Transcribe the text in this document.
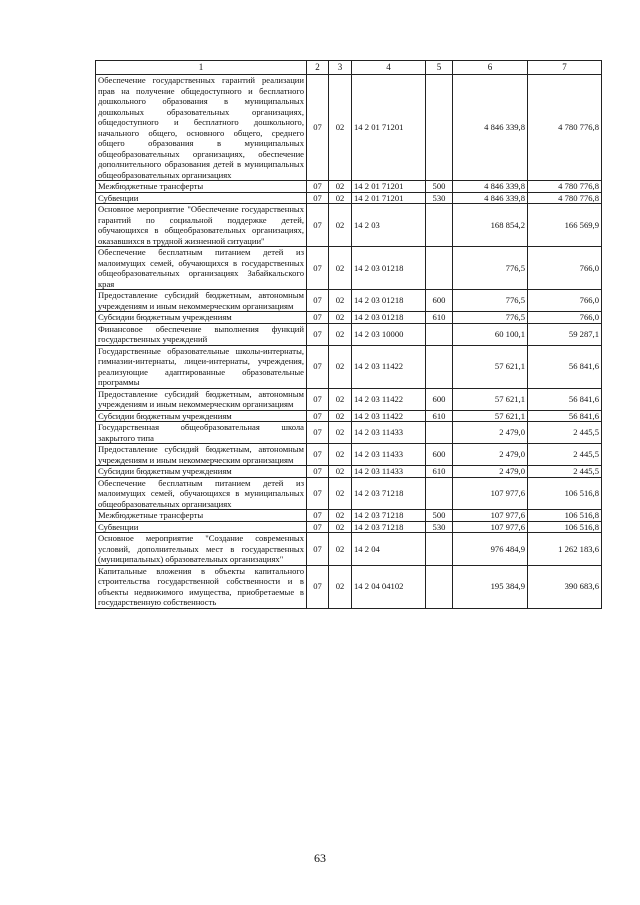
1	2	3	4	5	6	7
Обеспечение государственных гарантий реализации прав на получение общедоступного и бесплатного дошкольного образования в муниципальных дошкольных образовательных организациях, общедоступного и бесплатного дошкольного, начального общего, основного общего, среднего общего образования в муниципальных общеобразовательных организациях, обеспечение дополнительного образования детей в муниципальных общеобразовательных организациях	07	02	14 2 01 71201		4 846 339,8	4 780 776,8
Межбюджетные трансферты	07	02	14 2 01 71201	500	4 846 339,8	4 780 776,8
Субвенции	07	02	14 2 01 71201	530	4 846 339,8	4 780 776,8
Основное мероприятие "Обеспечение государственных гарантий по социальной поддержке детей, обучающихся в общеобразовательных организациях, оказавшихся в трудной жизненной ситуации"	07	02	14 2 03		168 854,2	166 569,9
Обеспечение бесплатным питанием детей из малоимущих семей, обучающихся в государственных общеобразовательных организациях Забайкальского края	07	02	14 2 03 01218		776,5	766,0
Предоставление субсидий бюджетным, автономным учреждениям и иным некоммерческим организациям	07	02	14 2 03 01218	600	776,5	766,0
Субсидии бюджетным учреждениям	07	02	14 2 03 01218	610	776,5	766,0
Финансовое обеспечение выполнения функций государственных учреждений	07	02	14 2 03 10000		60 100,1	59 287,1
Государственные образовательные школы-интернаты, гимназии-интернаты, лицеи-интернаты, учреждения, реализующие адаптированные образовательные программы	07	02	14 2 03 11422		57 621,1	56 841,6
Предоставление субсидий бюджетным, автономным учреждениям и иным некоммерческим организациям	07	02	14 2 03 11422	600	57 621,1	56 841,6
Субсидии бюджетным учреждениям	07	02	14 2 03 11422	610	57 621,1	56 841,6
Государственная общеобразовательная школа закрытого типа	07	02	14 2 03 11433		2 479,0	2 445,5
Предоставление субсидий бюджетным, автономным учреждениям и иным некоммерческим организациям	07	02	14 2 03 11433	600	2 479,0	2 445,5
Субсидии бюджетным учреждениям	07	02	14 2 03 11433	610	2 479,0	2 445,5
Обеспечение бесплатным питанием детей из малоимущих семей, обучающихся в муниципальных общеобразовательных организациях	07	02	14 2 03 71218		107 977,6	106 516,8
Межбюджетные трансферты	07	02	14 2 03 71218	500	107 977,6	106 516,8
Субвенции	07	02	14 2 03 71218	530	107 977,6	106 516,8
Основное мероприятие "Создание современных условий, дополнительных мест в государственных (муниципальных) образовательных организациях"	07	02	14 2 04		976 484,9	1 262 183,6
Капитальные вложения в объекты капитального строительства государственной собственности и в объекты недвижимого имущества, приобретаемые в государственную собственность	07	02	14 2 04 04102		195 384,9	390 683,6
63
